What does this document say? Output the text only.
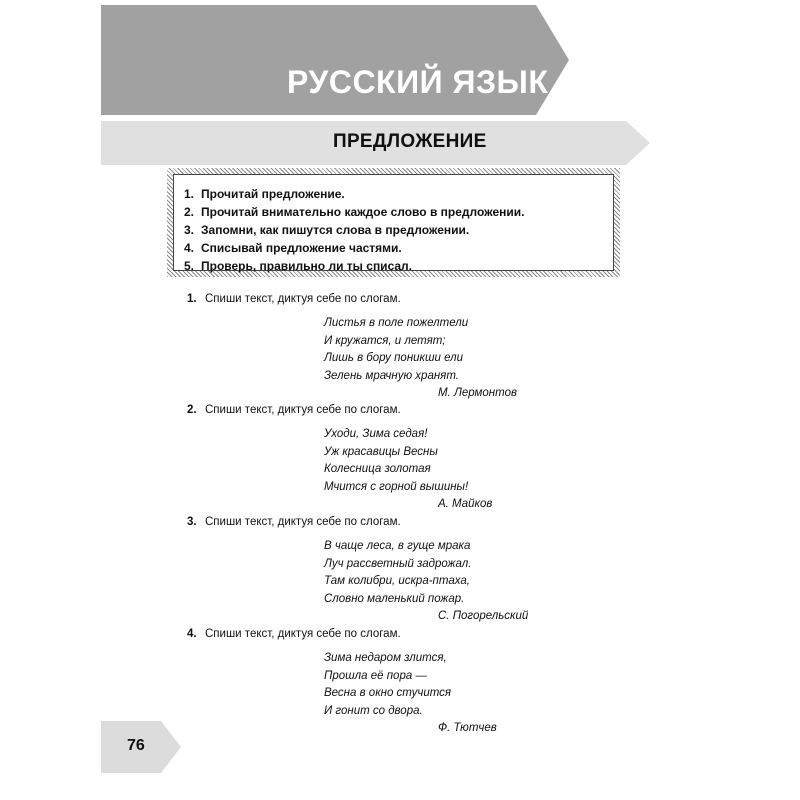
РУССКИЙ ЯЗЫК
ПРЕДЛОЖЕНИЕ
1. Прочитай предложение.
2. Прочитай внимательно каждое слово в предложении.
3. Запомни, как пишутся слова в предложении.
4. Списывай предложение частями.
5. Проверь, правильно ли ты списал.
1. Спиши текст, диктуя себе по слогам.
Листья в поле пожелтели
И кружатся, и летят;
Лишь в бору поникши ели
Зелень мрачную хранят.
М. Лермонтов
2. Спиши текст, диктуя себе по слогам.
Уходи, Зима седая!
Уж красавицы Весны
Колесница золотая
Мчится с горной вышины!
А. Майков
3. Спиши текст, диктуя себе по слогам.
В чаще леса, в гуще мрака
Луч рассветный задрожал.
Там колибри, искра-птаха,
Словно маленький пожар.
С. Погорельский
4. Спиши текст, диктуя себе по слогам.
Зима недаром злится,
Прошла её пора —
Весна в окно стучится
И гонит со двора.
Ф. Тютчев
76
